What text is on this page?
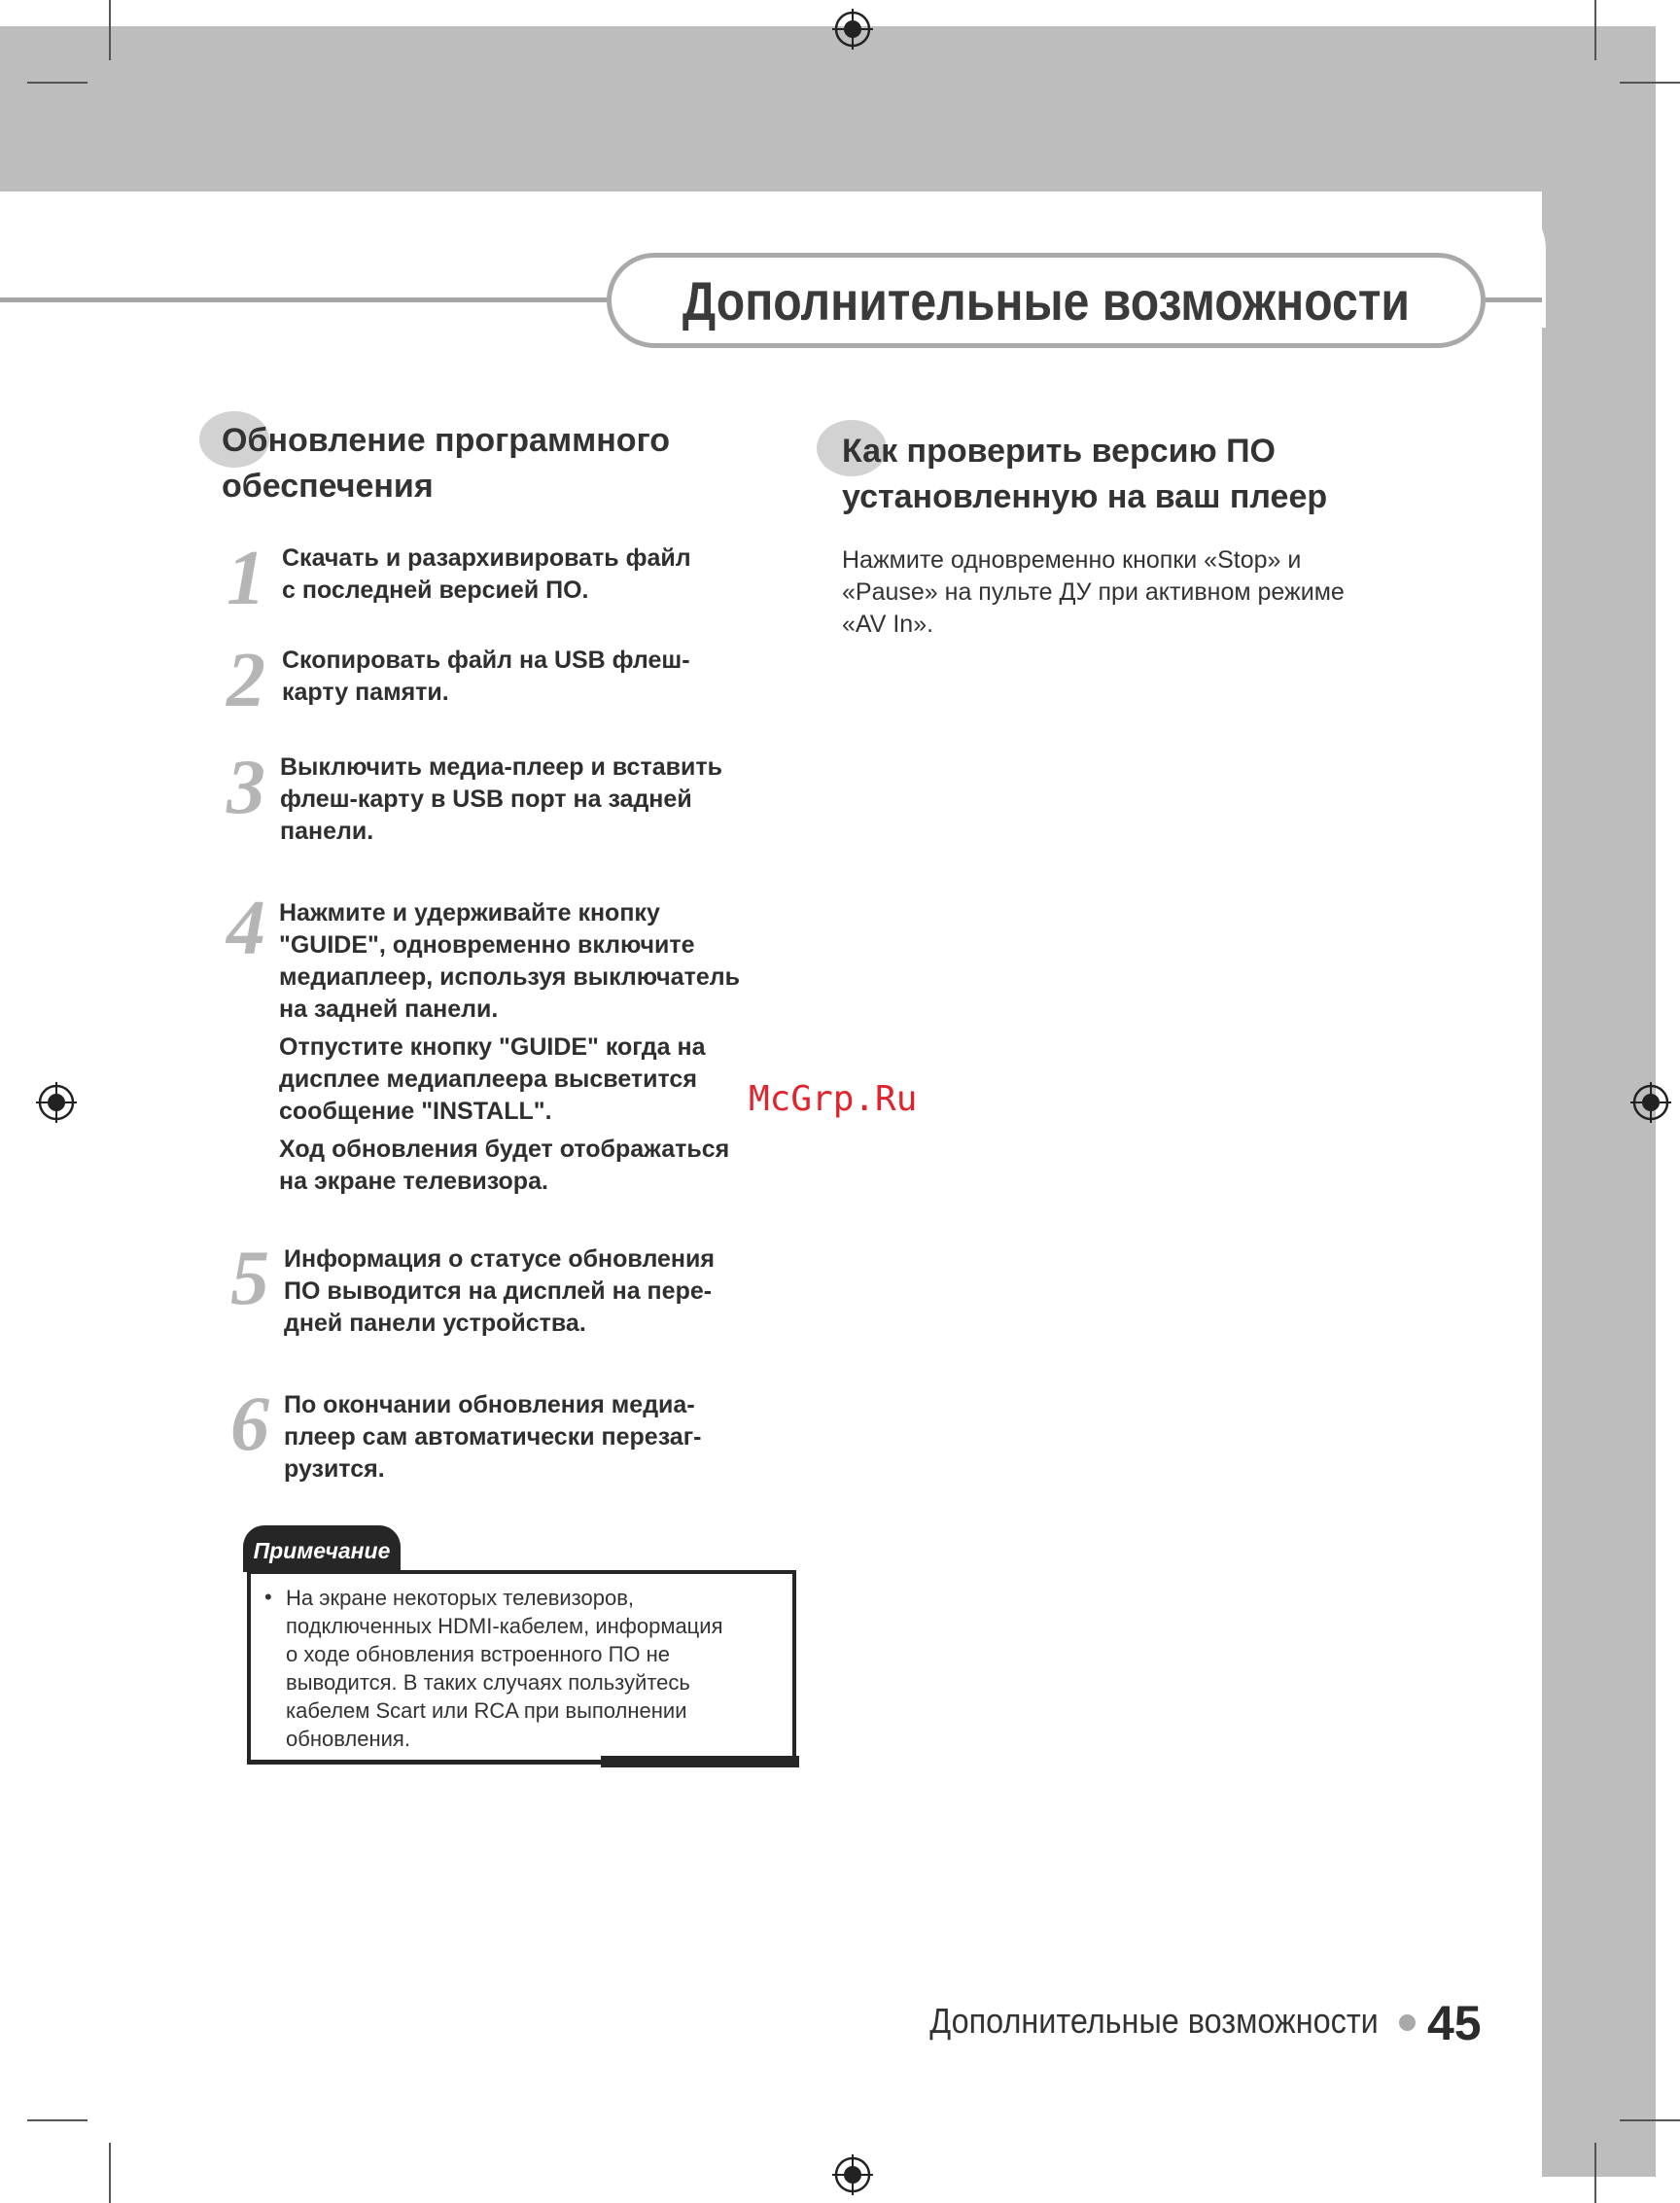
Дополнительные возможности
Обновление программного
обеспечения
1 Скачать и разархивировать файл
с последней версией ПО.
2 Скопировать файл на USB флеш-
карту памяти.
3 Выключить медиа-плеер и вставить
флеш-карту в USB порт на задней
панели.
4 Нажмите и удерживайте кнопку
"GUIDE", одновременно включите
медиаплеер, используя выключатель
на задней панели.
Отпустите кнопку "GUIDE" когда на
дисплее медиаплеера высветится
сообщение "INSTALL".
Ход обновления будет отображаться
на экране телевизора.
5 Информация о статусе обновления
ПО выводится на дисплей на пере-
дней панели устройства.
6 По окончании обновления медиа-
плеер сам автоматически перезаг-
рузится.
Примечание
• На экране некоторых телевизоров,
подключенных HDMI-кабелем, информация
о ходе обновления встроенного ПО не
выводится. В таких случаях пользуйтесь
кабелем Scart или RCA при выполнении
обновления.
Как проверить версию ПО
установленную на ваш плеер
Нажмите одновременно кнопки «Stop» и
«Pause» на пульте ДУ при активном режиме
«AV In».
McGrp.Ru
Дополнительные возможности 45
